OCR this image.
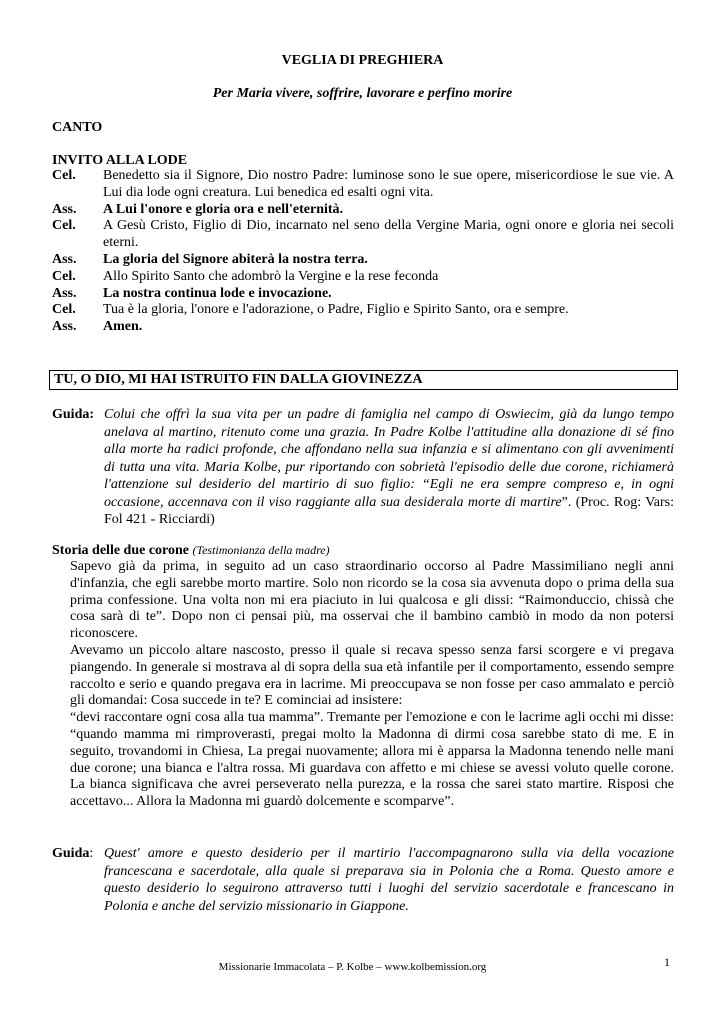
VEGLIA DI PREGHIERA
Per Maria vivere, soffrire, lavorare e perfino morire
CANTO
INVITO ALLA LODE
Cel.	Benedetto sia il Signore, Dio nostro Padre: luminose sono le sue opere, misericordiose le sue vie. A Lui dia lode ogni creatura. Lui benedica ed esalti ogni vita.
Ass.	A Lui l'onore e gloria ora e nell'eternità.
Cel.	A Gesù Cristo, Figlio di Dio, incarnato nel seno della Vergine Maria, ogni onore e gloria nei secoli eterni.
Ass.	La gloria del Signore abiterà la nostra terra.
Cel.	Allo Spirito Santo che adombrò la Vergine e la rese feconda
Ass.	La nostra continua lode e invocazione.
Cel.	Tua è la gloria, l'onore e l'adorazione, o Padre, Figlio e Spirito Santo, ora e sempre.
Ass.	Amen.
TU, O DIO, MI HAI ISTRUITO FIN DALLA GIOVINEZZA
Guida: Colui che offrì la sua vita per un padre di famiglia nel campo di Oswiecim, già da lungo tempo anelava al martino, ritenuto come una grazia. In Padre Kolbe l'attitudine alla donazione di sé fino alla morte ha radici profonde, che affondano nella sua infanzia e si alimentano con gli avvenimenti di tutta una vita. Maria Kolbe, pur riportando con sobrietà l'episodio delle due corone, richiamerà l'attenzione sul desiderio del martirio di suo figlio: “Egli ne era sempre compreso e, in ogni occasione, accennava con il viso raggiante alla sua desiderala morte di martire”. (Proc. Rog: Vars: Fol 421 - Ricciardi)
Storia delle due corone (Testimonianza della madre)

Sapevo già da prima, in seguito ad un caso straordinario occorso al Padre Massimiliano negli anni d'infanzia, che egli sarebbe morto martire. Solo non ricordo se la cosa sia avvenuta dopo o prima della sua prima confessione. Una volta non mi era piaciuto in lui qualcosa e gli dissi: “Raimonduccio, chissà che cosa sarà di te”. Dopo non ci pensai più, ma osservai che il bambino cambiò in modo da non potersi riconoscere.

Avevamo un piccolo altare nascosto, presso il quale si recava spesso senza farsi scorgere e vi pregava piangendo. In generale si mostrava al di sopra della sua età infantile per il comportamento, essendo sempre raccolto e serio e quando pregava era in lacrime. Mi preoccupava se non fosse per caso ammalato e perciò gli domandai: Cosa succede in te? E cominciai ad insistere:

“devi raccontare ogni cosa alla tua mamma”. Tremante per l'emozione e con le lacrime agli occhi mi disse: “quando mamma mi rimproverasti, pregai molto la Madonna di dirmi cosa sarebbe stato di me. E in seguito, trovandomi in Chiesa, La pregai nuovamente; allora mi è apparsa la Madonna tenendo nelle mani due corone; una bianca e l'altra rossa. Mi guardava con affetto e mi chiese se avessi voluto quelle corone. La bianca significava che avrei perseverato nella purezza, e la rossa che sarei stato martire. Risposi che accettavo... Allora la Madonna mi guardò dolcemente e scomparve”.

Guida: Quest' amore e questo desiderio per il martirio l'accompagnarono sulla via della vocazione francescana e sacerdotale, alla quale si preparava sia in Polonia che a Roma. Questo amore e questo desiderio lo seguirono attraverso tutti i luoghi del servizio sacerdotale e francescano in Polonia e anche del servizio missionario in Giappone.
Missionarie Immacolata – P. Kolbe – www.kolbemission.org	1
